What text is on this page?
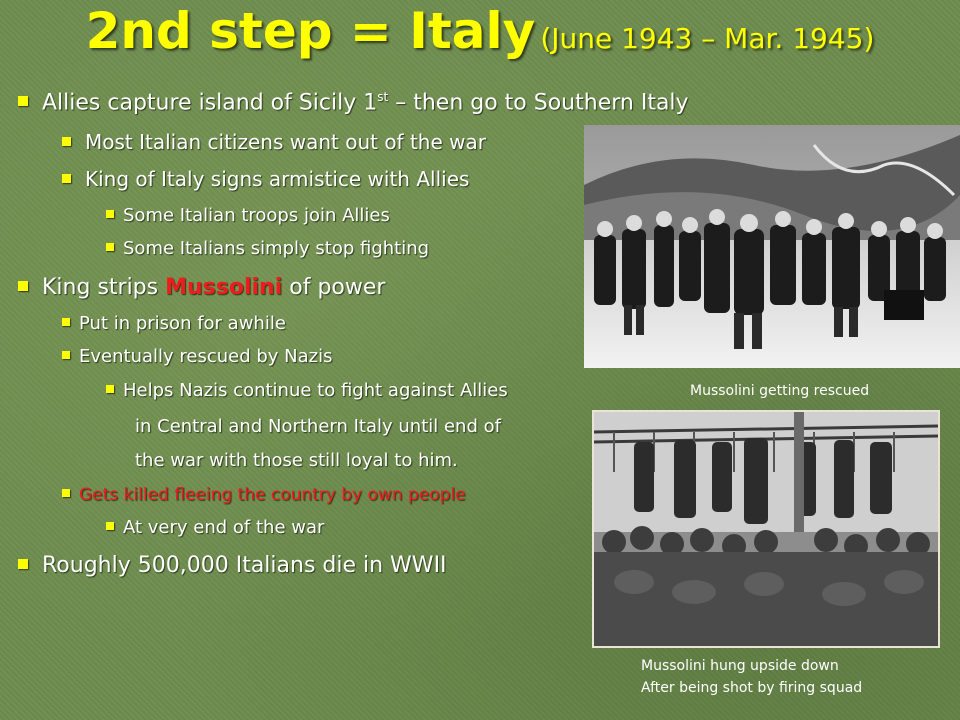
2nd step = Italy (June 1943 – Mar. 1945)
Allies capture island of Sicily 1st – then go to Southern Italy
Most Italian citizens want out of the war
King of Italy signs armistice with Allies
Some Italian troops join Allies
Some Italians simply stop fighting
King strips Mussolini of power
Put in prison for awhile
Eventually rescued by Nazis
Helps Nazis continue to fight against Allies
in Central and Northern Italy until end of
the war with those still loyal to him.
Gets killed fleeing the country by own people
At very end of the war
Roughly 500,000 Italians die in WWII
Mussolini getting rescued
Mussolini hung upside down
After being shot by firing squad
